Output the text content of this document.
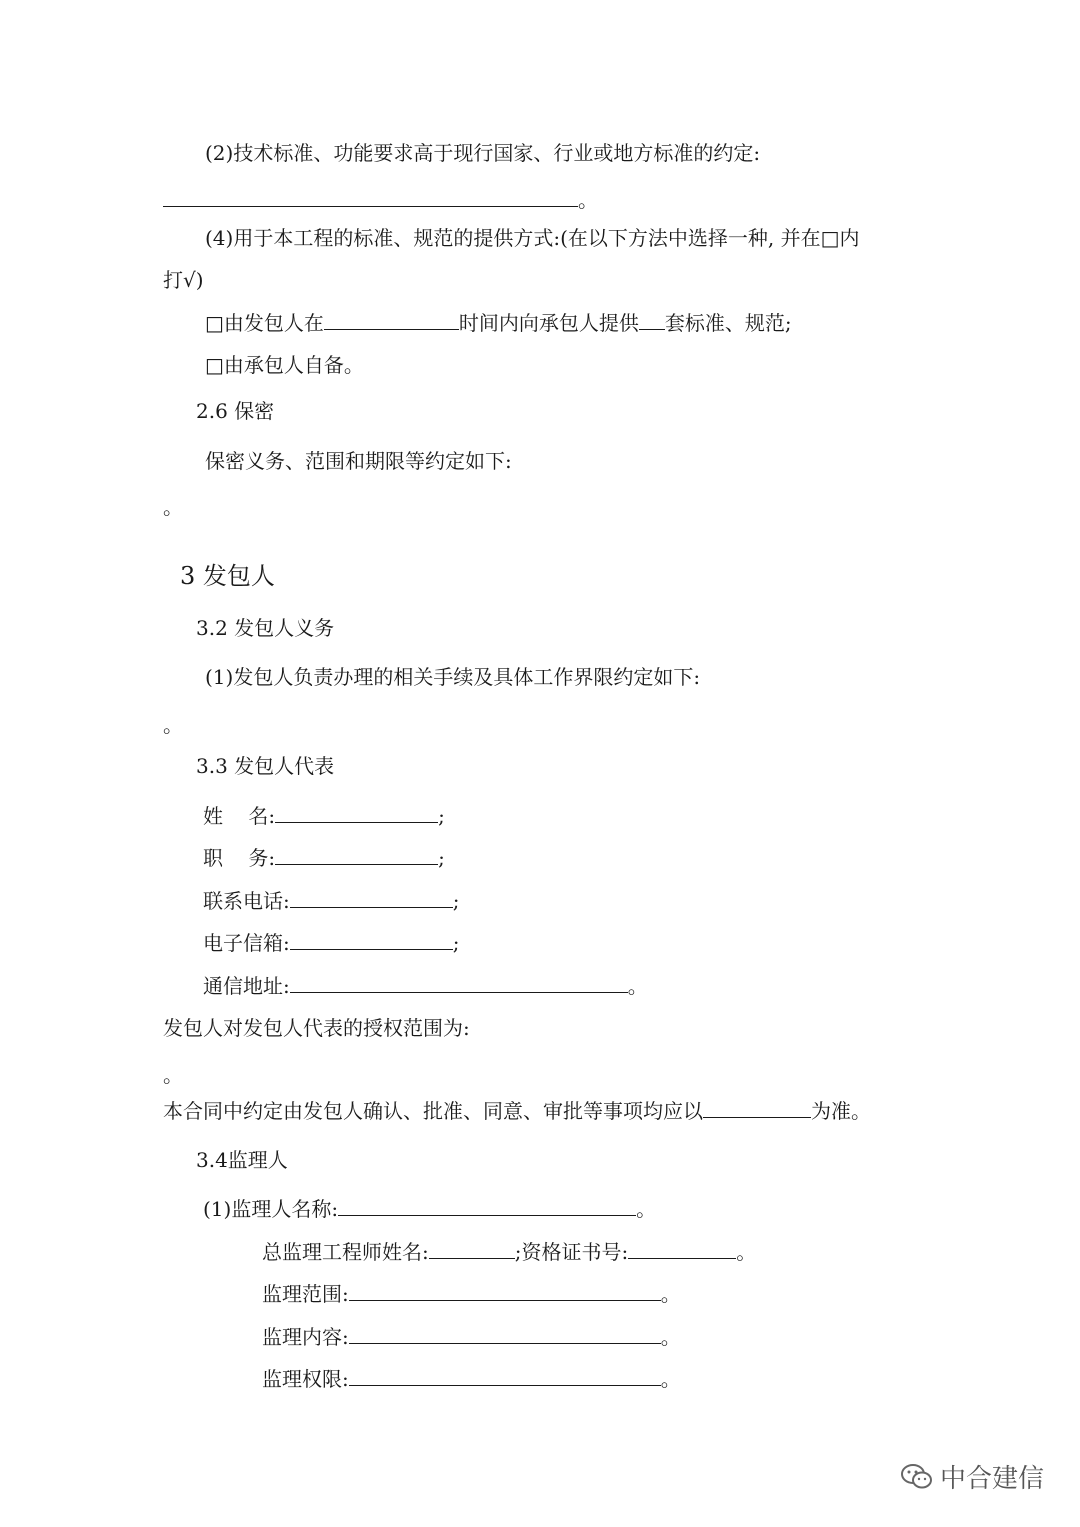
(2)技术标准、功能要求高于现行国家、行业或地方标准的约定:
。
(4)用于本工程的标准、规范的提供方式:(在以下方法中选择一种, 并在□内
打√)
□由发包人在	时间内向承包人提供 套标准、规范;
□由承包人自备。
2.6 保密
保密义务、范围和期限等约定如下:
。
3 发包人
3.2 发包人义务
(1)发包人负责办理的相关手续及具体工作界限约定如下:
。
3.3 发包人代表
姓    名:	;
职    务:	;
联系电话:	;
电子信箱:	;
通信地址:	。
发包人对发包人代表的授权范围为:
。
本合同中约定由发包人确认、批准、同意、审批等事项均应以	为准。
3.4监理人
(1)监理人名称:	。
总监理工程师姓名:	;资格证书号:	。
监理范围:	。
监理内容:	。
监理权限:	。
中合建信
